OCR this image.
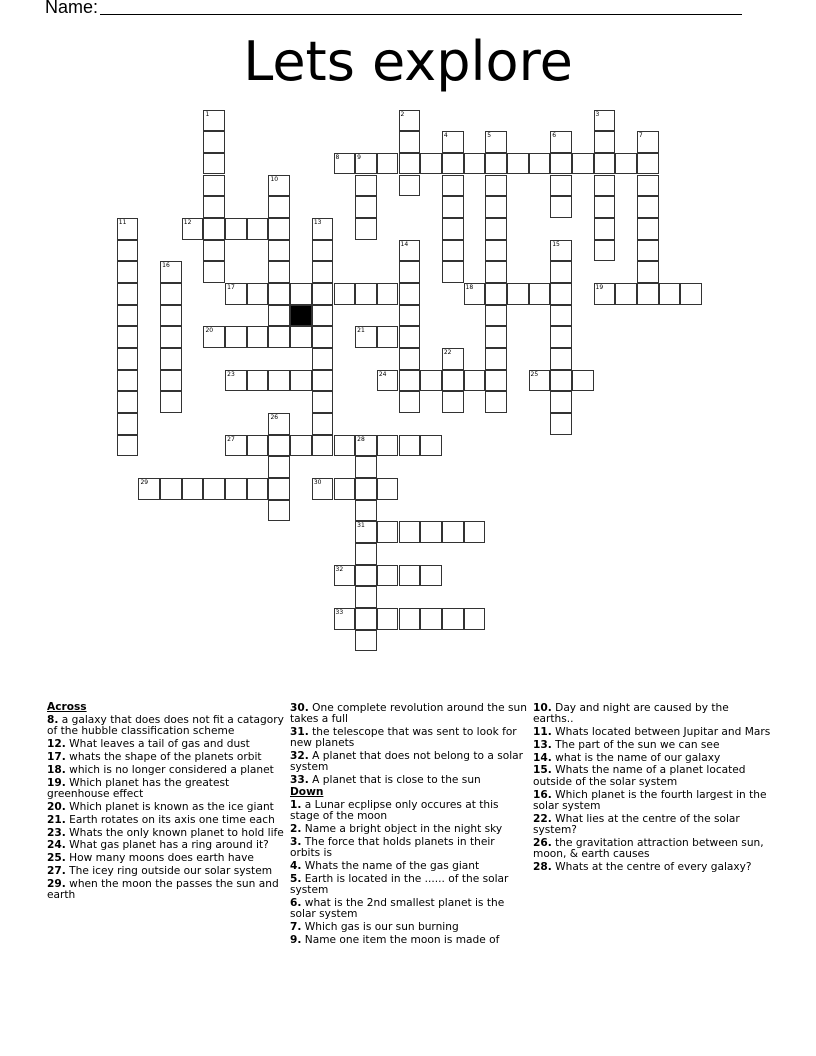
Name:
Lets explore
1	2	3
4	5	6	7
8	9
10
11	12	13
14	15
16
17	18	19
20	21
22
23	24	25
26
27	28
31
29	30
32
33
Across
8. a galaxy that does does not fit a catagory of the hubble classification scheme
12. What leaves a tail of gas and dust
17. whats the shape of the planets orbit
18. which is no longer considered a planet
19. Which planet has the greatest greenhouse effect
20. Which planet is known as the ice giant
21. Earth rotates on its axis one time each
23. Whats the only known planet to hold life
24. What gas planet has a ring around it?
25. How many moons does earth have
27. The icey ring outside our solar system
29. when the moon the passes the sun and earth
30. One complete revolution around the sun takes a full
31. the telescope that was sent to look for new planets
32. A planet that does not belong to a solar system
33. A planet that is close to the sun
Down
1. a Lunar ecplipse only occures at this stage of the moon
2. Name a bright object in the night sky
3. The force that holds planets in their orbits is
4. Whats the name of the gas giant
5. Earth is located in the ...... of the solar system
6. what is the 2nd smallest planet is the solar system
7. Which gas is our sun burning
9. Name one item the moon is made of
10. Day and night are caused by the earths..
11. Whats located between Jupitar and Mars
13. The part of the sun we can see
14. what is the name of our galaxy
15. Whats the name of a planet located outside of the solar system
16. Which planet is the fourth largest in the solar system
22. What lies at the centre of the solar system?
26. the gravitation attraction between sun, moon, & earth causes
28. Whats at the centre of every galaxy?
